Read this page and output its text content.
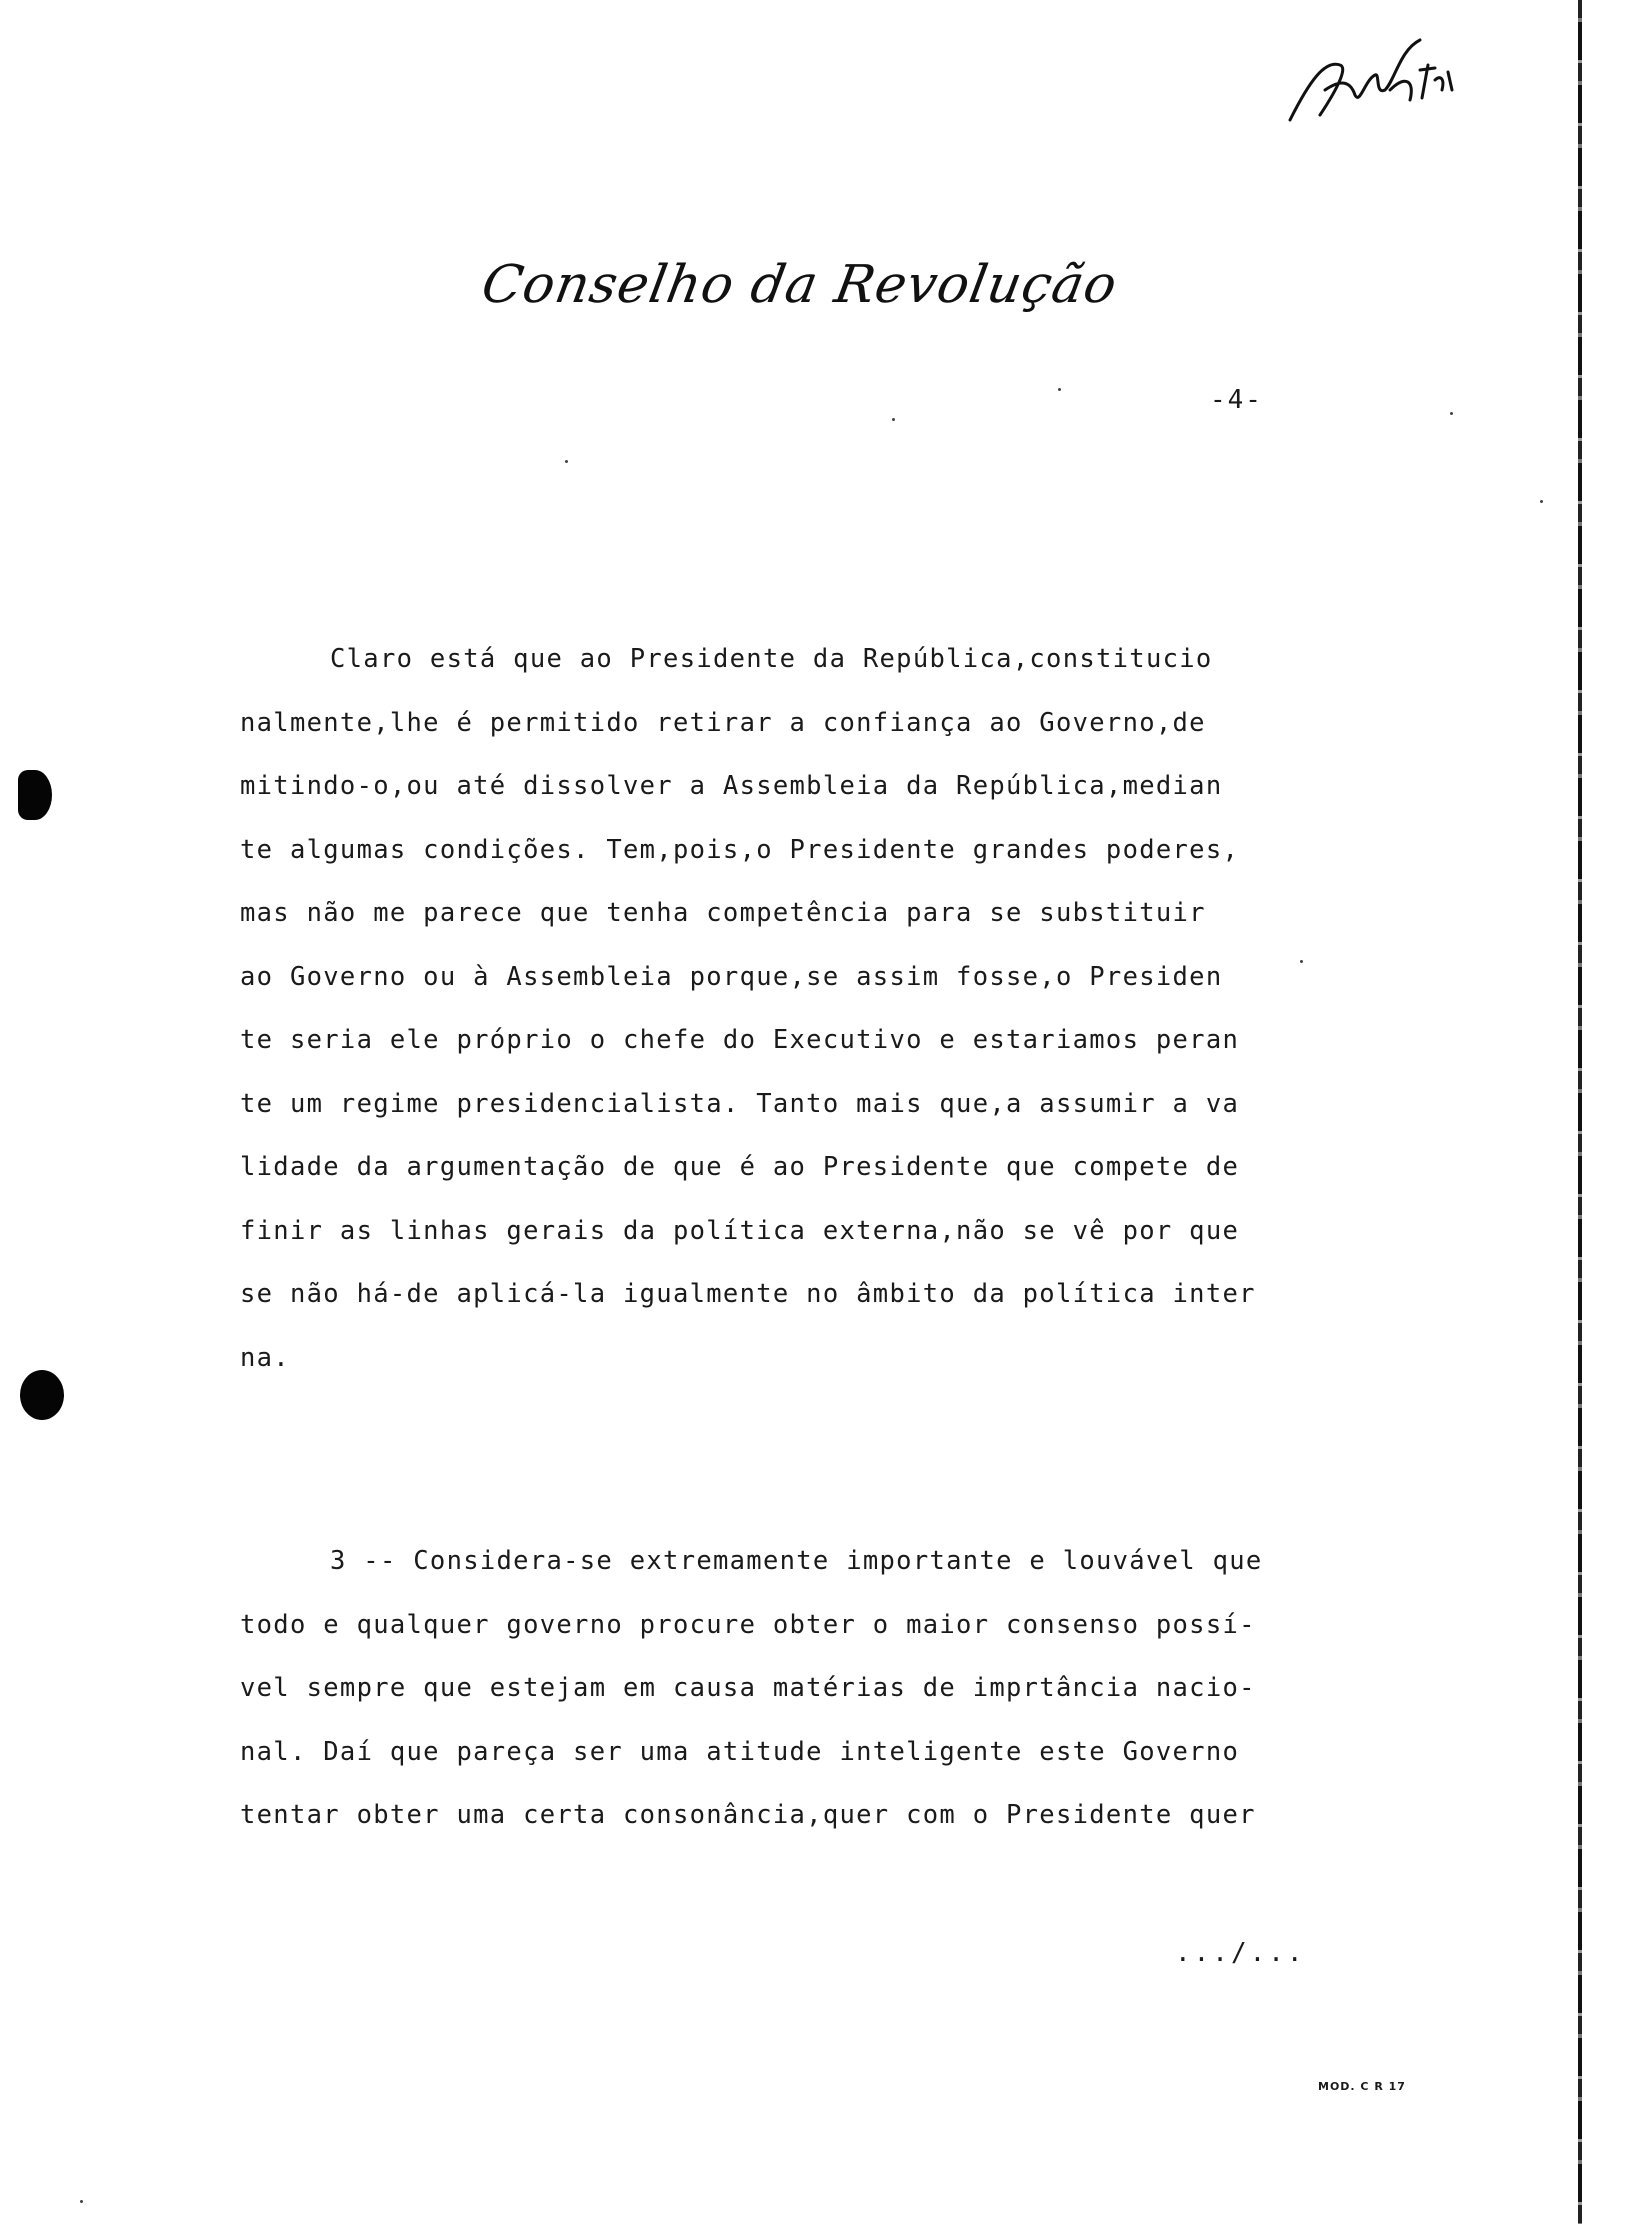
Conselho da Revolução
-4-
Claro está que ao Presidente da República,constitucio
nalmente,lhe é permitido retirar a confiança ao Governo,de
mitindo-o,ou até dissolver a Assembleia da República,median
te algumas condições. Tem,pois,o Presidente grandes poderes,
mas não me parece que tenha competência para se substituir
ao Governo ou à Assembleia porque,se assim fosse,o Presiden
te seria ele próprio o chefe do Executivo e estariamos peran
te um regime presidencialista. Tanto mais que,a assumir a va
lidade da argumentação de que é ao Presidente que compete de
finir as linhas gerais da política externa,não se vê por que
se não há-de aplicá-la igualmente no âmbito da política inter
na.
3 -- Considera-se extremamente importante e louvável que
todo e qualquer governo procure obter o maior consenso possí-
vel sempre que estejam em causa matérias de imprtância nacio-
nal. Daí que pareça ser uma atitude inteligente este Governo
tentar obter uma certa consonância,quer com o Presidente quer
.../...
MOD. C R 17
